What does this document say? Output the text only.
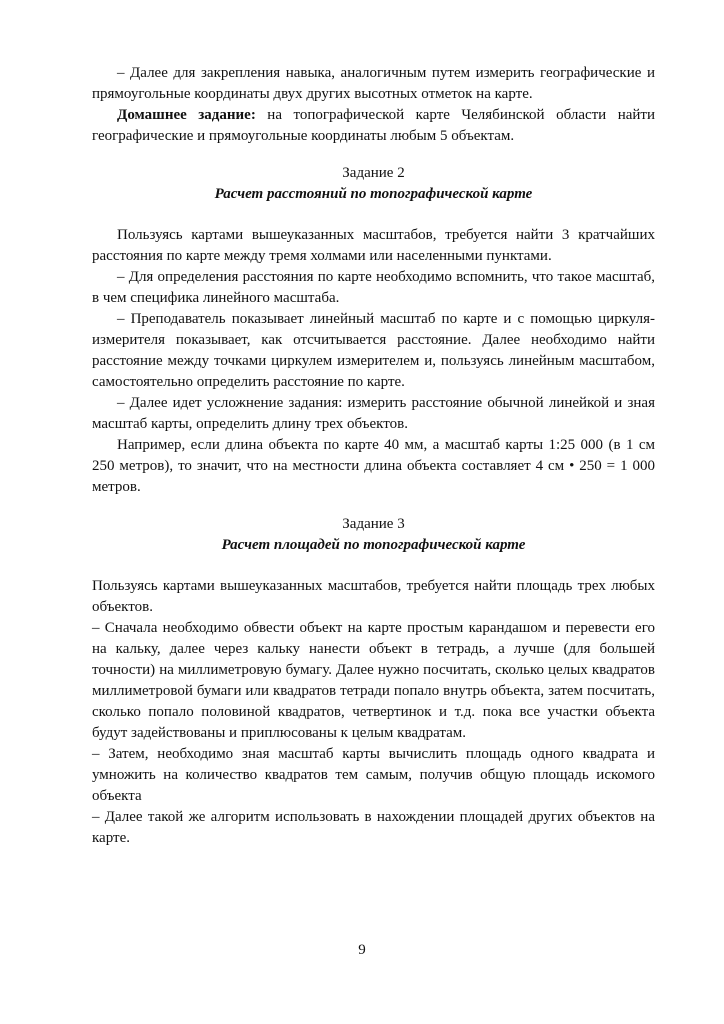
– Далее для закрепления навыка, аналогичным путем измерить географические и прямоугольные координаты двух других высотных отметок на карте.

Домашнее задание: на топографической карте Челябинской области найти географические и прямоугольные координаты любым 5 объектам.

Задание 2

Расчет расстояний по топографической карте

Пользуясь картами вышеуказанных масштабов, требуется найти 3 кратчайших расстояния по карте между тремя холмами или населенными пунктами.

– Для определения расстояния по карте необходимо вспомнить, что такое масштаб, в чем специфика линейного масштаба.

– Преподаватель показывает линейный масштаб по карте и с помощью циркуля-измерителя показывает, как отсчитывается расстояние. Далее необходимо найти расстояние между точками циркулем измерителем и, пользуясь линейным масштабом, самостоятельно определить расстояние по карте.

– Далее идет усложнение задания: измерить расстояние обычной линейкой и зная масштаб карты, определить длину трех объектов.

Например, если длина объекта по карте 40 мм, а масштаб карты 1:25 000 (в 1 см 250 метров), то значит, что на местности длина объекта составляет 4 см • 250 = 1 000 метров.

Задание 3

Расчет площадей по топографической карте

Пользуясь картами вышеуказанных масштабов, требуется найти площадь трех любых объектов.

– Сначала необходимо обвести объект на карте простым карандашом и перевести его на кальку, далее через кальку нанести объект в тетрадь, а лучше (для большей точности) на миллиметровую бумагу. Далее нужно посчитать, сколько целых квадратов миллиметровой бумаги или квадратов тетради попало внутрь объекта, затем посчитать, сколько попало половиной квадратов, четвертинок и т.д. пока все участки объекта будут задействованы и приплюсованы к целым квадратам.

– Затем, необходимо зная масштаб карты вычислить площадь одного квадрата и умножить на количество квадратов тем самым, получив общую площадь искомого объекта

– Далее такой же алгоритм использовать в нахождении площадей других объектов на карте.

9
